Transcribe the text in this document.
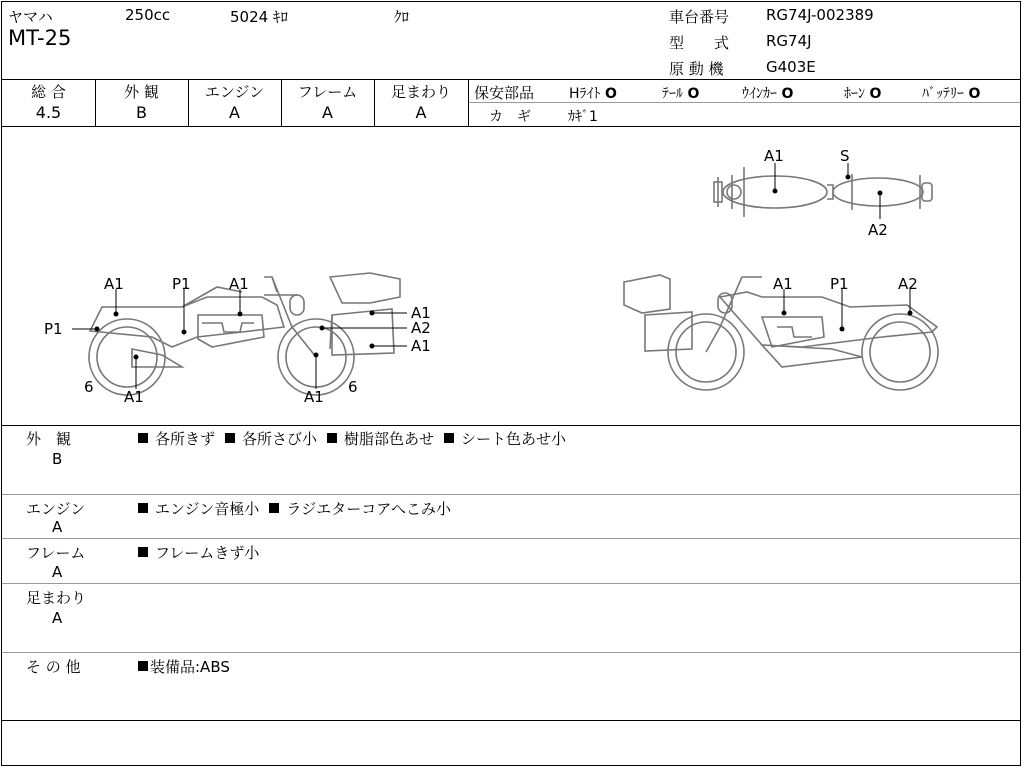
ヤマハ	250cc	5024 ｷﾛ	ｸﾛ
MT-25
車台番号 RG74J-002389
型　　式 RG74J
原 動 機	G403E
総 合
4.5
外 観
B
エンジン
A
フレーム
A
足まわり
A
保安部品 Hﾗｲﾄ O	ﾃｰﾙ O	ｳｲﾝｶｰ O	ﾎｰﾝ O	ﾊﾞｯﾃﾘｰ O
カ　ギ	ｶｷﾞ1
A1	S
A2
A1	P1	A1
P1
A1
A2
A1
6
A1	A1
6
A1 P1	A2
外　観
B
各所きず 各所さび小 樹脂部色あせ シート色あせ小
エンジン
A
エンジン音極小 ラジエターコアへこみ小
フレーム
A
フレームきず小
足まわり
A
そ の 他	装備品:ABS
